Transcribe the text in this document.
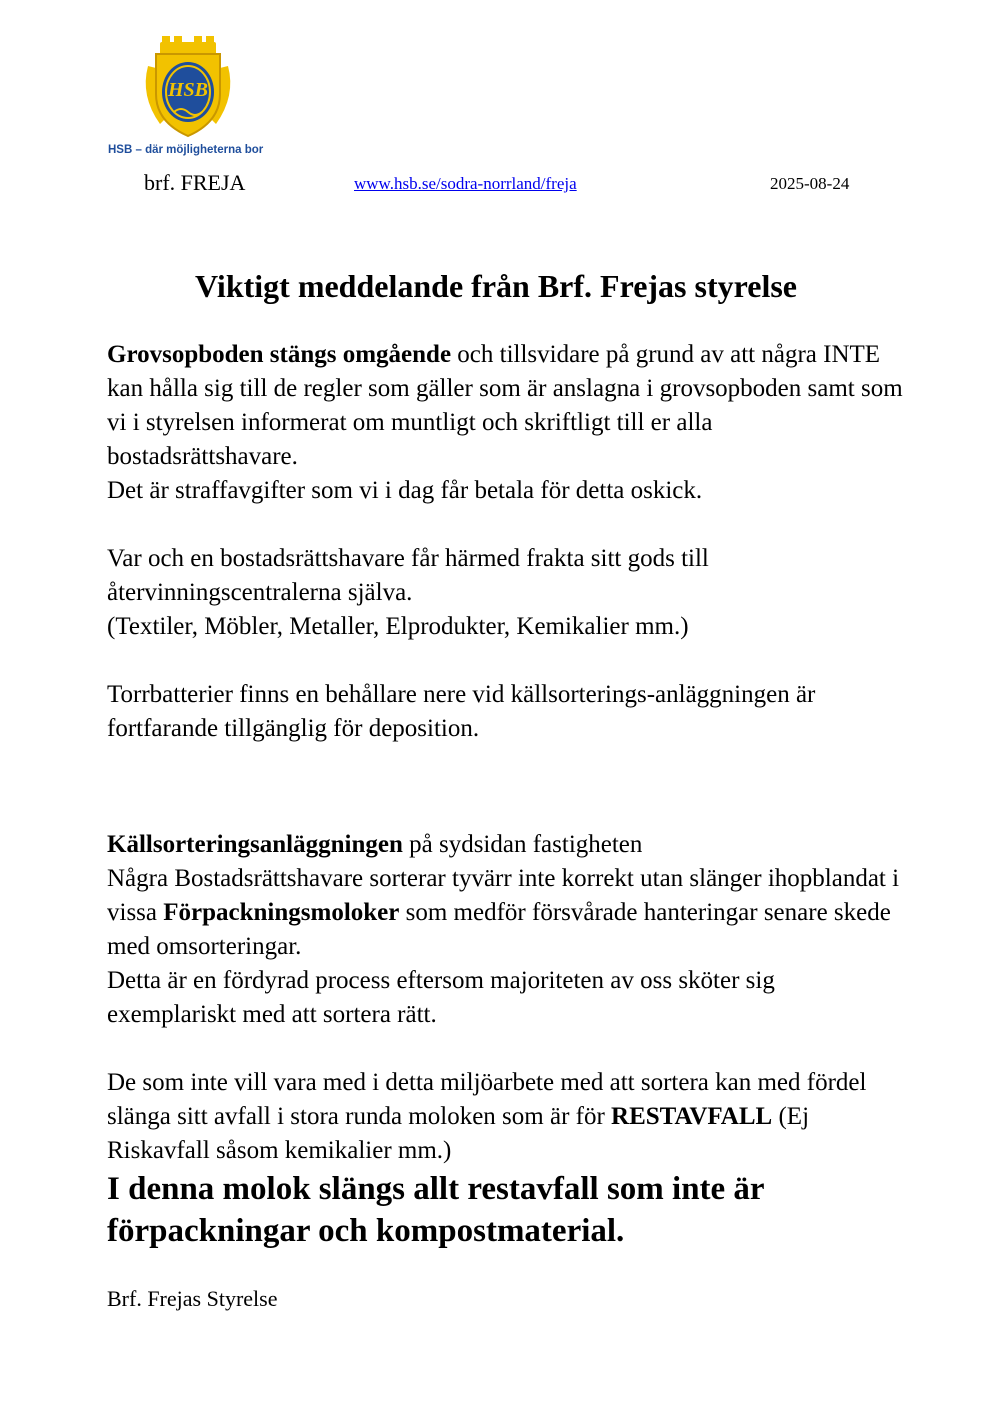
HSB
HSB – där möjligheterna bor
brf. FREJA	www.hsb.se/sodra-norrland/freja	2025-08-24
Viktigt meddelande från Brf. Frejas styrelse

Grovsopboden stängs omgående och tillsvidare på grund av att några INTE kan hålla sig till de regler som gäller som är anslagna i grovsopboden samt som vi i styrelsen informerat om muntligt och skriftligt till er alla bostadsrättshavare.

Det är straffavgifter som vi i dag får betala för detta oskick.

Var och en bostadsrättshavare får härmed frakta sitt gods till återvinningscentralerna själva.

(Textiler, Möbler, Metaller, Elprodukter, Kemikalier mm.)

Torrbatterier finns en behållare nere vid källsorterings-anläggningen är fortfarande tillgänglig för deposition.

Källsorteringsanläggningen på sydsidan fastigheten

Några Bostadsrättshavare sorterar tyvärr inte korrekt utan slänger ihopblandat i vissa Förpackningsmoloker som medför försvårade hanteringar senare skede med omsorteringar.

Detta är en fördyrad process eftersom majoriteten av oss sköter sig exemplariskt med att sortera rätt.

De som inte vill vara med i detta miljöarbete med att sortera kan med fördel slänga sitt avfall i stora runda moloken som är för RESTAVFALL (Ej Riskavfall såsom kemikalier mm.)

I denna molok slängs allt restavfall som inte är förpackningar och kompostmaterial.

Brf. Frejas Styrelse
